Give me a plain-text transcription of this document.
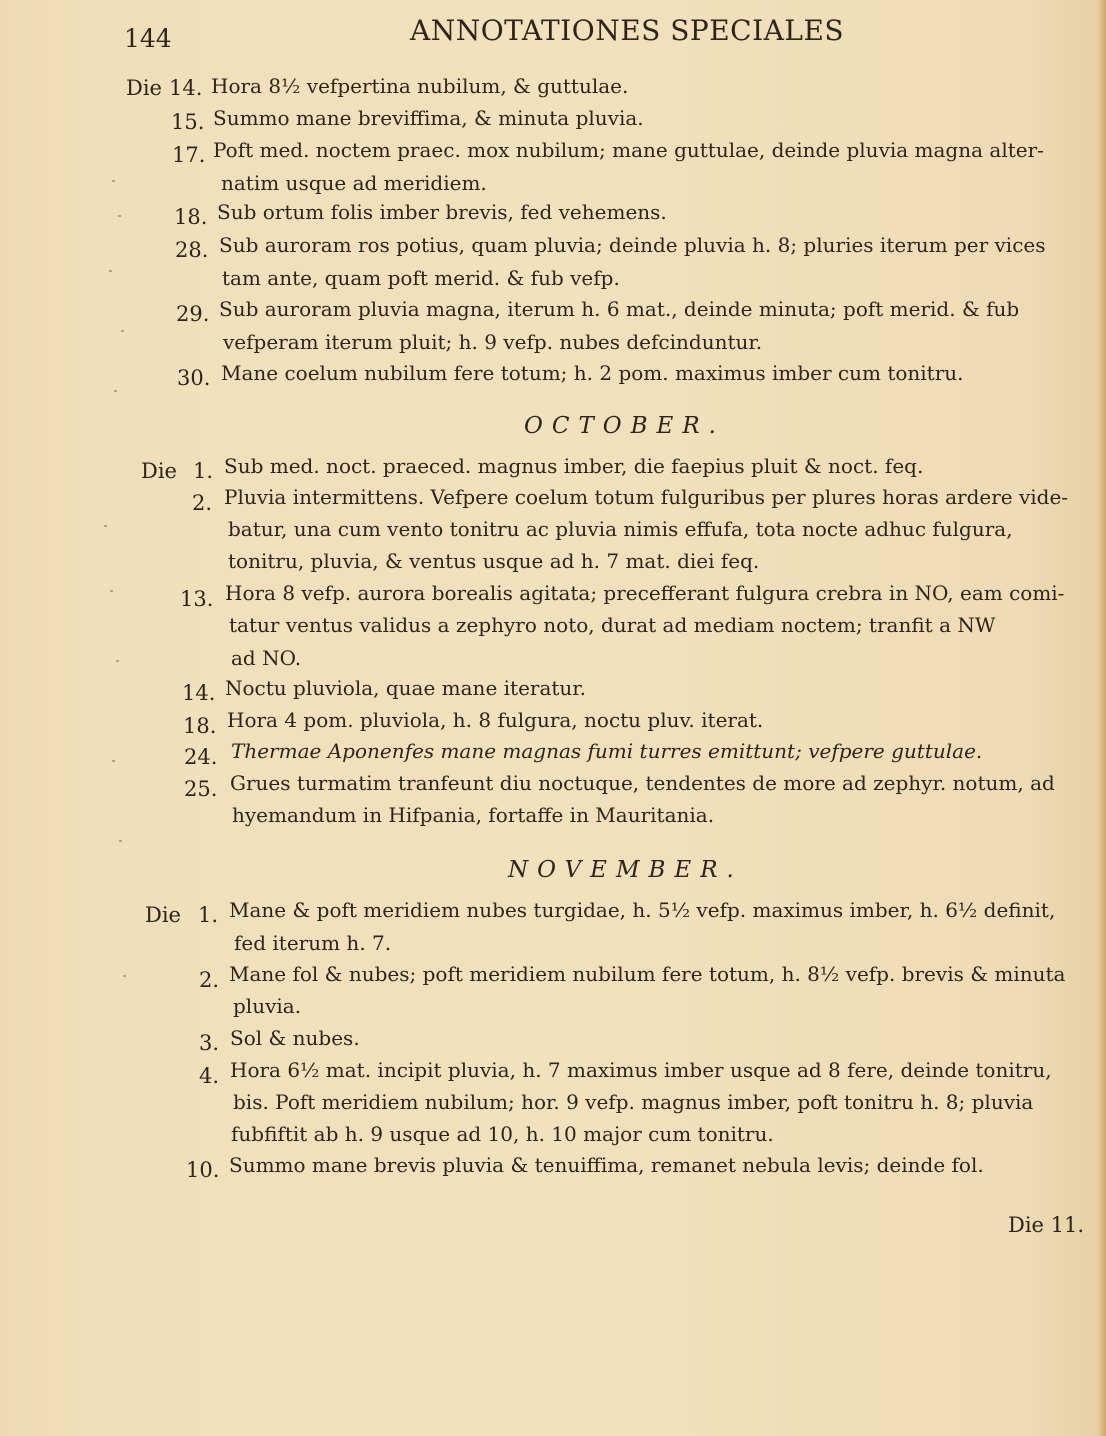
144	ANNOTATIONES SPECIALES
Die 14. Hora 8½ vefpertina nubilum, & guttulae.
15. Summo mane breviffima, & minuta pluvia.
17. Poft med. noctem praec. mox nubilum; mane guttulae, deinde pluvia magna alter-
natim usque ad meridiem.
18. Sub ortum folis imber brevis, fed vehemens.
28. Sub auroram ros potius, quam pluvia; deinde pluvia h. 8; pluries iterum per vices
tam ante, quam poft merid. & fub vefp.
29. Sub auroram pluvia magna, iterum h. 6 mat., deinde minuta; poft merid. & fub
vefperam iterum pluit; h. 9 vefp. nubes defcinduntur.
30. Mane coelum nubilum fere totum; h. 2 pom. maximus imber cum tonitru.
OCTOBER.
Die 1. Sub med. noct. praeced. magnus imber, die faepius pluit & noct. feq.
2. Pluvia intermittens. Vefpere coelum totum fulguribus per plures horas ardere vide-
batur, una cum vento tonitru ac pluvia nimis effufa, tota nocte adhuc fulgura,
tonitru, pluvia, & ventus usque ad h. 7 mat. diei feq.
13. Hora 8 vefp. aurora borealis agitata; precefferant fulgura crebra in NO, eam comi-
tatur ventus validus a zephyro noto, durat ad mediam noctem; tranfit a NW
ad NO.
14. Noctu pluviola, quae mane iteratur.
18. Hora 4 pom. pluviola, h. 8 fulgura, noctu pluv. iterat.
24. Thermae Aponenfes mane magnas fumi turres emittunt; vefpere guttulae.
25. Grues turmatim tranfeunt diu noctuque, tendentes de more ad zephyr. notum, ad
hyemandum in Hifpania, fortaffe in Mauritania.
NOVEMBER.
Die 1. Mane & poft meridiem nubes turgidae, h. 5½ vefp. maximus imber, h. 6½ definit,
fed iterum h. 7.
2. Mane fol & nubes; poft meridiem nubilum fere totum, h. 8½ vefp. brevis & minuta
pluvia.
3. Sol & nubes.
4. Hora 6½ mat. incipit pluvia, h. 7 maximus imber usque ad 8 fere, deinde tonitru,
bis. Poft meridiem nubilum; hor. 9 vefp. magnus imber, poft tonitru h. 8; pluvia
fubfiftit ab h. 9 usque ad 10, h. 10 major cum tonitru.
10. Summo mane brevis pluvia & tenuiffima, remanet nebula levis; deinde fol.
Die 11.
